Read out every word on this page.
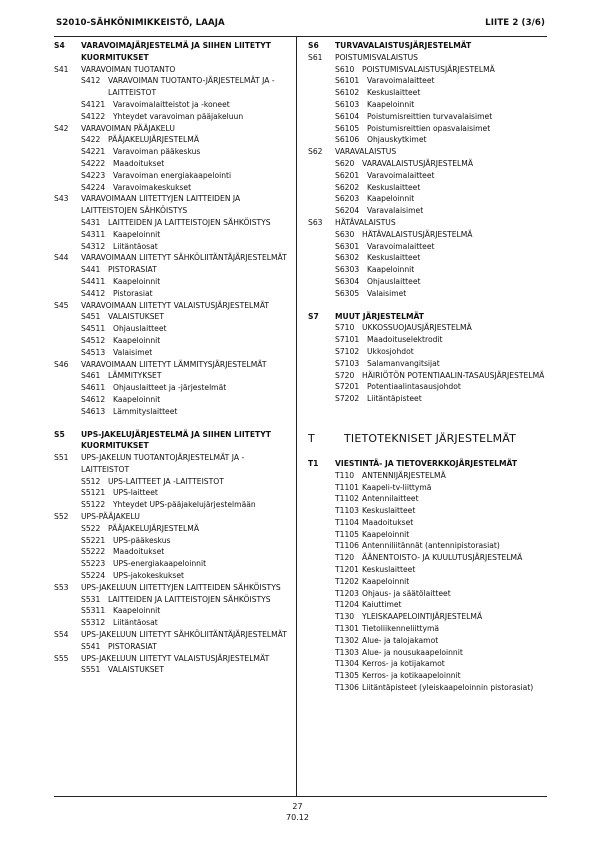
S2010-SÄHKÖNIMIKKEISTÖ, LAAJA	LIITE 2 (3/6)
S4	VARAVOIMAJÄRJESTELMÄ JA SIIHEN LIITETYT KUORMITUKSET
S41	VARAVOIMAN TUOTANTO
S412	VARAVOIMAN TUOTANTO-JÄRJESTELMÄT JA -LAITTEISTOT
S4121	Varavoimalaitteistot ja -koneet
S4122	Yhteydet varavoiman pääjakeluun
S42	VARAVOIMAN PÄÄJAKELU
S422	PÄÄJAKELUJÄRJESTELMÄ
S4221	Varavoiman pääkeskus
S4222	Maadoitukset
S4223	Varavoiman energiakaapelointi
S4224	Varavoimakeskukset
S43	VARAVOIMAAN LIITETTYJEN LAITTEIDEN JA LAITTEISTOJEN SÄHKÖISTYS
S431	LAITTEIDEN JA LAITTEISTOJEN SÄHKÖISTYS
S4311	Kaapeloinnit
S4312	Liitäntäosat
S44	VARAVOIMAAN LIITETYT SÄHKÖLIITÄNTÄJÄRJESTELMÄT
S441	PISTORASIAT
S4411	Kaapeloinnit
S4412	Pistorasiat
S45	VARAVOIMAAN LIITETYT VALAISTUSJÄRJESTELMÄT
S451	VALAISTUKSET
S4511	Ohjauslaitteet
S4512	Kaapeloinnit
S4513	Valaisimet
S46	VARAVOIMAAN LIITETYT LÄMMITYSJÄRJESTELMÄT
S461	LÄMMITYKSET
S4611	Ohjauslaitteet ja -järjestelmät
S4612	Kaapeloinnit
S4613	Lämmityslaitteet
S5	UPS-JAKELUJÄRJESTELMÄ JA SIIHEN LIITETYT KUORMITUKSET
S51	UPS-JAKELUN TUOTANTOJÄRJESTELMÄT JA -LAITTEISTOT
S512	UPS-LAITTEET JA -LAITTEISTOT
S5121	UPS-laitteet
S5122	Yhteydet UPS-pääjakelujärjestelmään
S52	UPS-PÄÄJAKELU
S522	PÄÄJAKELUJÄRJESTELMÄ
S5221	UPS-pääkeskus
S5222	Maadoitukset
S5223	UPS-energiakaapeloinnit
S5224	UPS-jakokeskukset
S53	UPS-JAKELUUN LIITETTYJEN LAITTEIDEN SÄHKÖISTYS
S531	LAITTEIDEN JA LAITTEISTOJEN SÄHKÖISTYS
S5311	Kaapeloinnit
S5312	Liitäntäosat
S54	UPS-JAKELUUN LIITETYT SÄHKÖLIITÄNTÄJÄRJESTELMÄT
S541	PISTORASIAT
S55	UPS-JAKELUUN LIITETYT VALAISTUSJÄRJESTELMÄT
S551	VALAISTUKSET
S6	TURVAVALAISTUSJÄRJESTELMÄT
S61	POISTUMISVALAISTUS
S610	POISTUMISVALAISTUSJÄRJESTELMÄ
S6101	Varavoimalaitteet
S6102	Keskuslaitteet
S6103	Kaapeloinnit
S6104	Poistumisreittien turvavalaisimet
S6105	Poistumisreittien opasvalaisimet
S6106	Ohjauskytkimet
S62	VARAVALAISTUS
S620	VARAVALAISTUSJÄRJESTELMÄ
S6201	Varavoimalaitteet
S6202	Keskuslaitteet
S6203	Kaapeloinnit
S6204	Varavalaisimet
S63	HÄTÄVALAISTUS
S630	HÄTÄVALAISTUSJÄRJESTELMÄ
S6301	Varavoimalaitteet
S6302	Keskuslaitteet
S6303	Kaapeloinnit
S6304	Ohjauslaitteet
S6305	Valaisimet
S7	MUUT JÄRJESTELMÄT
S710	UKKOSSUOJAUSJÄRJESTELMÄ
S7101	Maadoituselektrodit
S7102	Ukkosjohdot
S7103	Salamanvangitsijat
S720	HÄIRIÖTÖN POTENTIAALIN-TASAUSJÄRJESTELMÄ
S7201	Potentiaalintasausjohdot
S7202	Liitäntäpisteet
T	TIETOTEKNISET JÄRJESTELMÄT
T1	VIESTINTÄ- JA TIETOVERKKOJÄRJESTELMÄT
T110	ANTENNIJÄRJESTELMÄ
T1101 Kaapeli-tv-liittymä
T1102 Antennilaitteet
T1103 Keskuslaitteet
T1104 Maadoitukset
T1105 Kaapeloinnit
T1106 Antenniliitännät (antennipistorasiat)
T120	ÄÄNENTOISTO- JA KUULUTUSJÄRJESTELMÄ
T1201 Keskuslaitteet
T1202 Kaapeloinnit
T1203 Ohjaus- ja säätölaitteet
T1204 Kaiuttimet
T130	YLEISKAAPELOINTIJÄRJESTELMÄ
T1301 Tietoliikenneliittymä
T1302 Alue- ja talojakamot
T1303 Alue- ja nousukaapeloinnit
T1304 Kerros- ja kotijakamot
T1305 Kerros- ja kotikaapeloinnit
T1306 Liitäntäpisteet (yleiskaapeloinnin pistorasiat)
27
70.12
